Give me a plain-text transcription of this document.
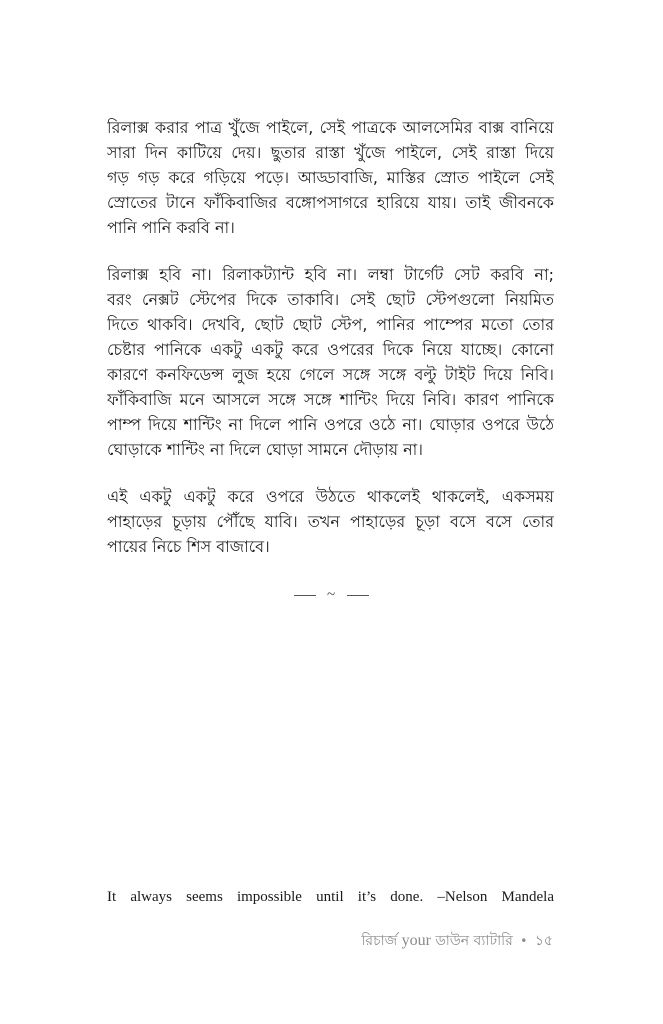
রিলাক্স করার পাত্র খুঁজে পাইলে, সেই পাত্রকে আলসেমির বাক্স বানিয়ে
সারা দিন কাটিয়ে দেয়। ছুতার রাস্তা খুঁজে পাইলে, সেই রাস্তা দিয়ে
গড় গড় করে গড়িয়ে পড়ে। আড্ডাবাজি, মাস্তির স্রোত পাইলে সেই
স্রোতের টানে ফাঁকিবাজির বঙ্গোপসাগরে হারিয়ে যায়। তাই জীবনকে
পানি পানি করবি না।

রিলাক্স হবি না। রিলাকট্যান্ট হবি না। লম্বা টার্গেট সেট করবি না;
বরং নেক্সট স্টেপের দিকে তাকাবি। সেই ছোট স্টেপগুলো নিয়মিত
দিতে থাকবি। দেখবি, ছোট ছোট স্টেপ, পানির পাম্পের মতো তোর
চেষ্টার পানিকে একটু একটু করে ওপরের দিকে নিয়ে যাচ্ছে। কোনো
কারণে কনফিডেন্স লুজ হয়ে গেলে সঙ্গে সঙ্গে বল্টু টাইট দিয়ে নিবি।
ফাঁকিবাজি মনে আসলে সঙ্গে সঙ্গে শান্টিং দিয়ে নিবি। কারণ পানিকে
পাম্প দিয়ে শান্টিং না দিলে পানি ওপরে ওঠে না। ঘোড়ার ওপরে উঠে
ঘোড়াকে শান্টিং না দিলে ঘোড়া সামনে দৌড়ায় না।

এই একটু একটু করে ওপরে উঠতে থাকলেই থাকলেই, একসময়
পাহাড়ের চূড়ায় পৌঁছে যাবি। তখন পাহাড়ের চূড়া বসে বসে তোর
পায়ের নিচে শিস বাজাবে।

~
It always seems impossible until it’s done. –Nelson Mandela
রিচার্জ your ডাউন ব্যাটারি • ১৫
